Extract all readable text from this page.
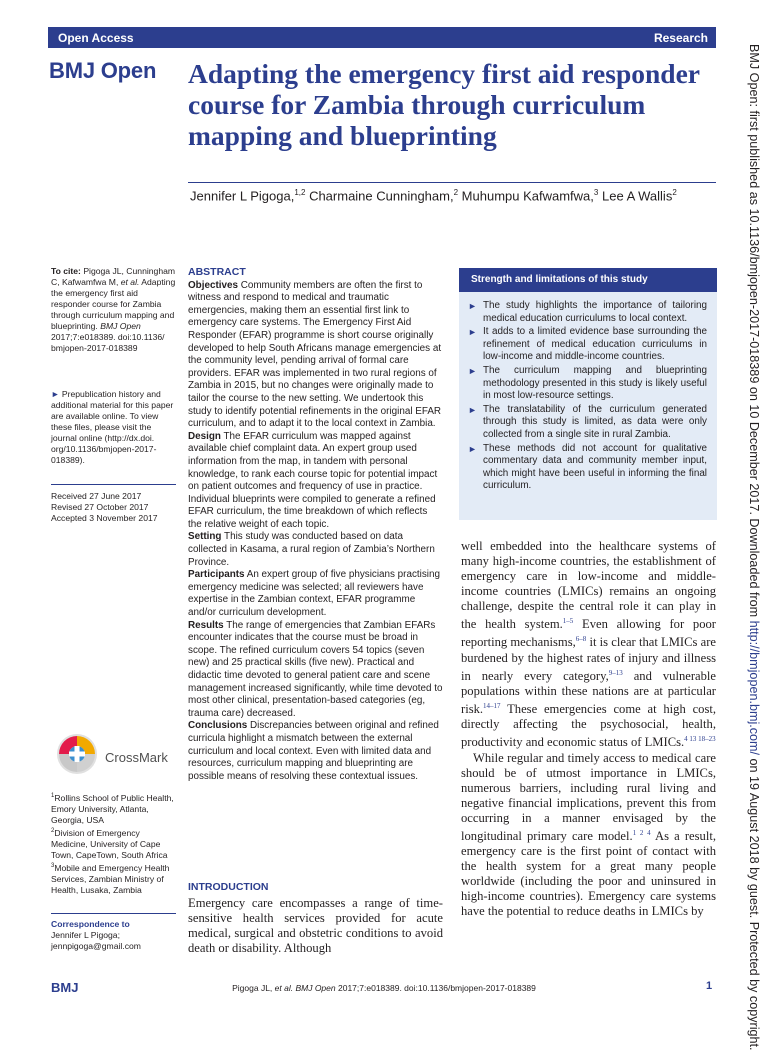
Open Access	Research
BMJ Open Adapting the emergency first aid responder course for Zambia through curriculum mapping and blueprinting
Jennifer L Pigoga,$^{1,2}$ Charmaine Cunningham,$^2$ Muhumpu Kafwamfwa,$^3$ Lee A Wallis$^2$
To cite: Pigoga JL, Cunningham C, Kafwamfwa M, et al. Adapting the emergency first aid responder course for Zambia through curriculum mapping and blueprinting. BMJ Open 2017;7:e018389. doi:10.1136/ bmjopen-2017-018389
► Prepublication history and additional material for this paper are available online. To view these files, please visit the journal online (http://dx.doi. org/10.1136/bmjopen-2017- 018389).
Received 27 June 2017
Revised 27 October 2017
Accepted 3 November 2017
CrossMark
$^1$Rollins School of Public Health, Emory University, Atlanta, Georgia, USA
$^2$Division of Emergency Medicine, University of Cape Town, CapeTown, South Africa
$^3$Mobile and Emergency Health Services, Zambian Ministry of Health, Lusaka, Zambia
Correspondence to
Jennifer L Pigoga;
jennpigoga@gmail.com
ABSTRACT
Objectives Community members are often the first to witness and respond to medical and traumatic emergencies, making them an essential first link to emergency care systems. The Emergency First Aid Responder (EFAR) programme is short course originally developed to help South Africans manage emergencies at the community level, pending arrival of formal care providers. EFAR was implemented in two rural regions of Zambia in 2015, but no changes were originally made to tailor the course to the new setting. We undertook this study to identify potential refinements in the original EFAR curriculum, and to adapt it to the local context in Zambia.
Design The EFAR curriculum was mapped against available chief complaint data. An expert group used information from the map, in tandem with personal knowledge, to rank each course topic for potential impact on patient outcomes and frequency of use in practice. Individual blueprints were compiled to generate a refined EFAR curriculum, the time breakdown of which reflects the relative weight of each topic.
Setting This study was conducted based on data collected in Kasama, a rural region of Zambia’s Northern Province.
Participants An expert group of five physicians practising emergency medicine was selected; all reviewers have expertise in the Zambian context, EFAR programme and/or curriculum development.
Results The range of emergencies that Zambian EFARs encounter indicates that the course must be broad in scope. The refined curriculum covers 54 topics (seven new) and 25 practical skills (five new). Practical and didactic time devoted to general patient care and scene management increased significantly, while time devoted to most other clinical, presentation-based categories (eg, trauma care) decreased.
Conclusions Discrepancies between original and refined curricula highlight a mismatch between the external curriculum and local context. Even with limited data and resources, curriculum mapping and blueprinting are possible means of resolving these contextual issues.
INTRODUCTION
Emergency care encompasses a range of time-sensitive health services provided for acute medical, surgical and obstetric conditions to avoid death or disability. Although
Strength and limitations of this study
► The study highlights the importance of tailoring medical education curriculums to local context.
► It adds to a limited evidence base surrounding the refinement of medical education curriculums in low-income and middle-income countries.
► The curriculum mapping and blueprinting methodology presented in this study is likely useful in most low-resource settings.
► The translatability of the curriculum generated through this study is limited, as data were only collected from a single site in rural Zambia.
► These methods did not account for qualitative commentary data and community member input, which might have been useful in informing the final curriculum.

well embedded into the healthcare systems of many high-income countries, the establishment of emergency care in low-income and middle-income countries (LMICs) remains an ongoing challenge, despite the central role it can play in the health system.$^{1-5}$ Even allowing for poor reporting mechanisms,$^{6-8}$ it is clear that LMICs are burdened by the highest rates of injury and illness in nearly every category,$^{9-13}$ and vulnerable populations within these nations are at particular risk.$^{14-17}$ These emergencies come at high cost, directly affecting the psychosocial, health, productivity and economic status of LMICs.$^{4 13 18-23}$

While regular and timely access to medical care should be of utmost importance in LMICs, numerous barriers, including rural living and negative financial implications, prevent this from occurring in a manner envisaged by the longitudinal primary care model.$^{1 2 4}$ As a result, emergency care is the first point of contact with the health system for a great many people worldwide (including the poor and uninsured in high-income countries). Emergency care systems have the potential to reduce deaths in LMICs by

BMJ	Pigoga JL, et al. BMJ Open 2017;7:e018389. doi:10.1136/bmjopen-2017-018389	1
BMJ Open: first published as 10.1136/bmjopen-2017-018389 on 10 December 2017. Downloaded from http://bmjopen.bmj.com/ on 19 August 2018 by guest. Protected by copyright.
